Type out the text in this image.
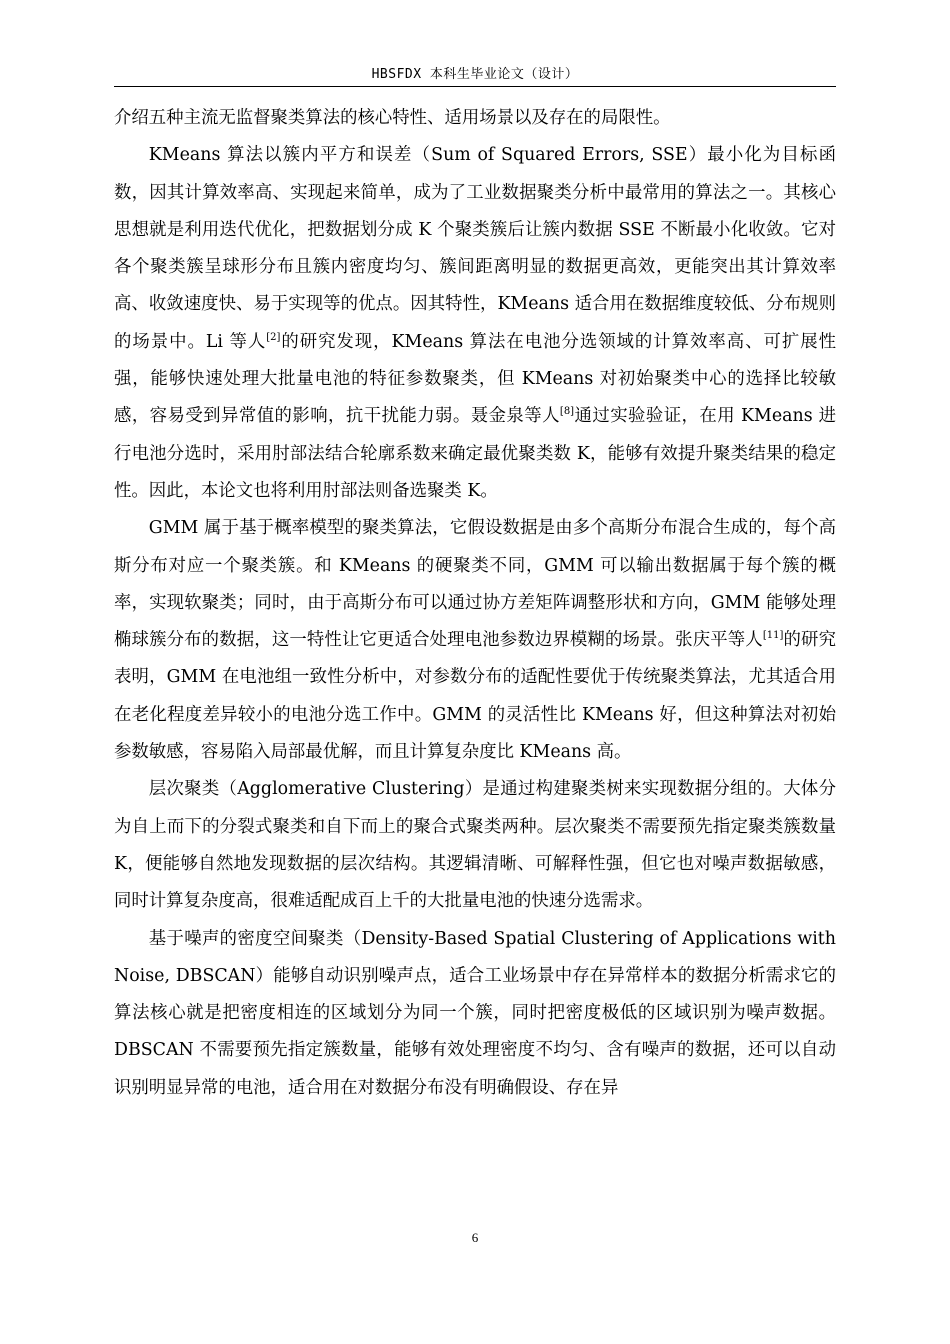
HBSFDX 本科生毕业论文（设计）

介绍五种主流无监督聚类算法的核心特性、适用场景以及存在的局限性。

KMeans 算法以簇内平方和误差（Sum of Squared Errors, SSE）最小化为目标函数，因其计算效率高、实现起来简单，成为了工业数据聚类分析中最常用的算法之一。其核心思想就是利用迭代优化，把数据划分成 K 个聚类簇后让簇内数据 SSE 不断最小化收敛。它对各个聚类簇呈球形分布且簇内密度均匀、簇间距离明显的数据更高效，更能突出其计算效率高、收敛速度快、易于实现等的优点。因其特性，KMeans 适合用在数据维度较低、分布规则的场景中。Li 等人[2]的研究发现，KMeans 算法在电池分选领域的计算效率高、可扩展性强，能够快速处理大批量电池的特征参数聚类，但 KMeans 对初始聚类中心的选择比较敏感，容易受到异常值的影响，抗干扰能力弱。聂金泉等人[8]通过实验验证，在用 KMeans 进行电池分选时，采用肘部法结合轮廓系数来确定最优聚类数 K，能够有效提升聚类结果的稳定性。因此，本论文也将利用肘部法则备选聚类 K。

GMM 属于基于概率模型的聚类算法，它假设数据是由多个高斯分布混合生成的，每个高斯分布对应一个聚类簇。和 KMeans 的硬聚类不同，GMM 可以输出数据属于每个簇的概率，实现软聚类；同时，由于高斯分布可以通过协方差矩阵调整形状和方向，GMM 能够处理椭球簇分布的数据，这一特性让它更适合处理电池参数边界模糊的场景。张庆平等人[11]的研究表明，GMM 在电池组一致性分析中，对参数分布的适配性要优于传统聚类算法，尤其适合用在老化程度差异较小的电池分选工作中。GMM 的灵活性比 KMeans 好，但这种算法对初始参数敏感，容易陷入局部最优解，而且计算复杂度比 KMeans 高。

层次聚类（Agglomerative Clustering）是通过构建聚类树来实现数据分组的。大体分为自上而下的分裂式聚类和自下而上的聚合式聚类两种。层次聚类不需要预先指定聚类簇数量 K，便能够自然地发现数据的层次结构。其逻辑清晰、可解释性强，但它也对噪声数据敏感，同时计算复杂度高，很难适配成百上千的大批量电池的快速分选需求。

基于噪声的密度空间聚类（Density-Based Spatial Clustering of Applications with Noise, DBSCAN）能够自动识别噪声点，适合工业场景中存在异常样本的数据分析需求它的算法核心就是把密度相连的区域划分为同一个簇，同时把密度极低的区域识别为噪声数据。DBSCAN 不需要预先指定簇数量，能够有效处理密度不均匀、含有噪声的数据，还可以自动识别明显异常的电池，适合用在对数据分布没有明确假设、存在异

6
